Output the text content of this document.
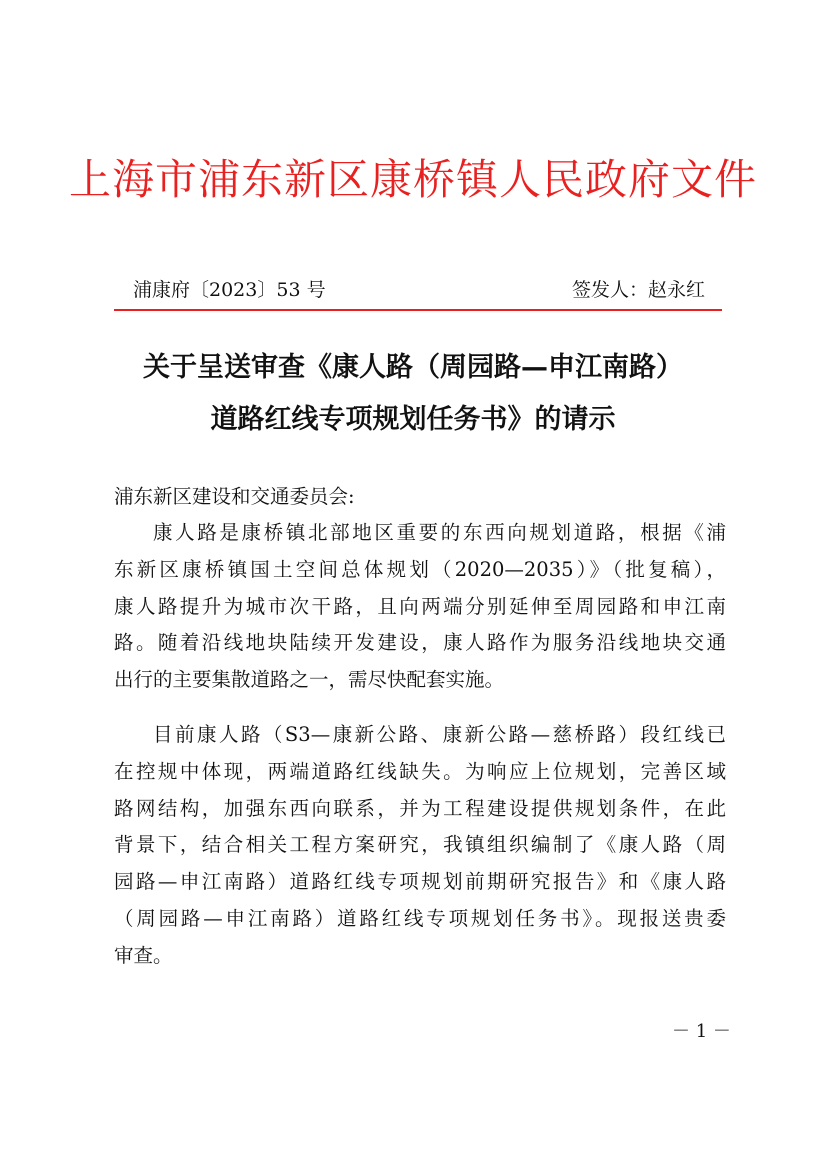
上海市浦东新区康桥镇人民政府文件
浦康府〔2023〕53 号	签发人：赵永红
关于呈送审查《康人路（周园路—申江南路）
道路红线专项规划任务书》的请示
浦东新区建设和交通委员会:
康人路是康桥镇北部地区重要的东西向规划道路，根据《浦
东新区康桥镇国土空间总体规划（2020—2035）》（批复稿），
康人路提升为城市次干路，且向两端分别延伸至周园路和申江南
路。随着沿线地块陆续开发建设，康人路作为服务沿线地块交通
出行的主要集散道路之一，需尽快配套实施。
目前康人路（S3—康新公路、康新公路—慈桥路）段红线已
在控规中体现，两端道路红线缺失。为响应上位规划，完善区域
路网结构，加强东西向联系，并为工程建设提供规划条件，在此
背景下，结合相关工程方案研究，我镇组织编制了《康人路（周
园路—申江南路）道路红线专项规划前期研究报告》和《康人路
（周园路—申江南路）道路红线专项规划任务书》。现报送贵委
审查。
－ 1 －
